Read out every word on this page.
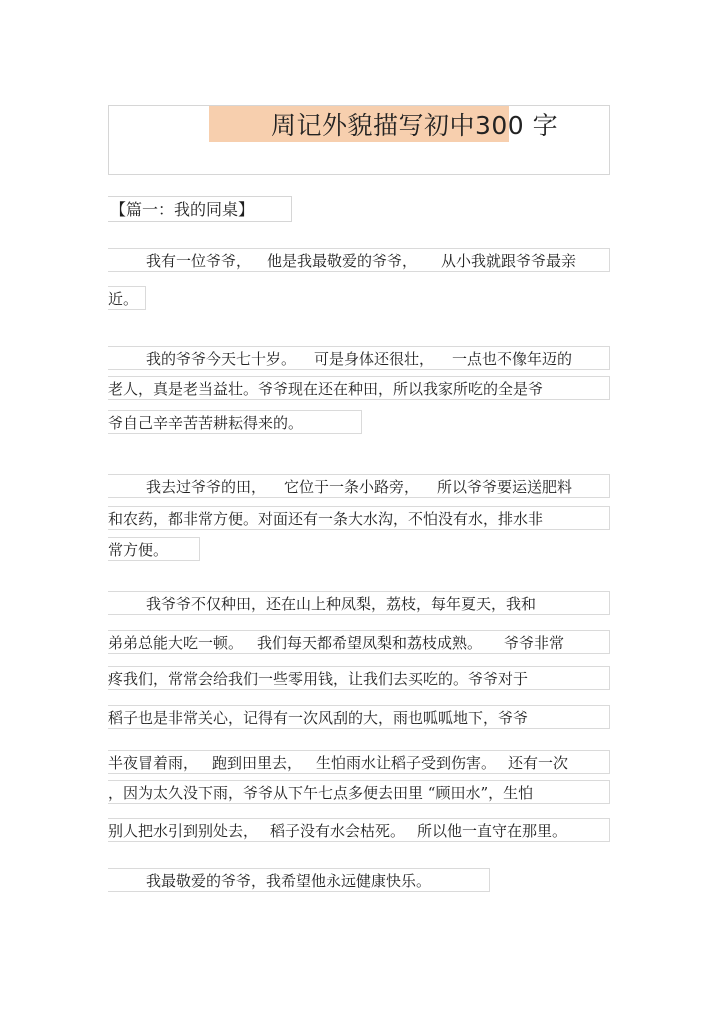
周记外貌描写初中300 字
【篇一：我的同桌】
我有一位爷爷， 他是我最敬爱的爷爷， 从小我就跟爷爷最亲
近。
我的爷爷今天七十岁。 可是身体还很壮， 一点也不像年迈的
老人，真是老当益壮。爷爷现在还在种田，所以我家所吃的全是爷
爷自己辛辛苦苦耕耘得来的。
我去过爷爷的田， 它位于一条小路旁， 所以爷爷要运送肥料
和农药，都非常方便。对面还有一条大水沟，不怕没有水，排水非
常方便。
我爷爷不仅种田，还在山上种凤梨，荔枝，每年夏天，我和
弟弟总能大吃一顿。 我们每天都希望凤梨和荔枝成熟。 爷爷非常
疼我们，常常会给我们一些零用钱，让我们去买吃的。爷爷对于
稻子也是非常关心，记得有一次风刮的大，雨也呱呱地下，爷爷
半夜冒着雨， 跑到田里去， 生怕雨水让稻子受到伤害。 还有一次
，因为太久没下雨，爷爷从下午七点多便去田里 “顾田水”，生怕
别人把水引到别处去， 稻子没有水会枯死。 所以他一直守在那里。
我最敬爱的爷爷，我希望他永远健康快乐。
